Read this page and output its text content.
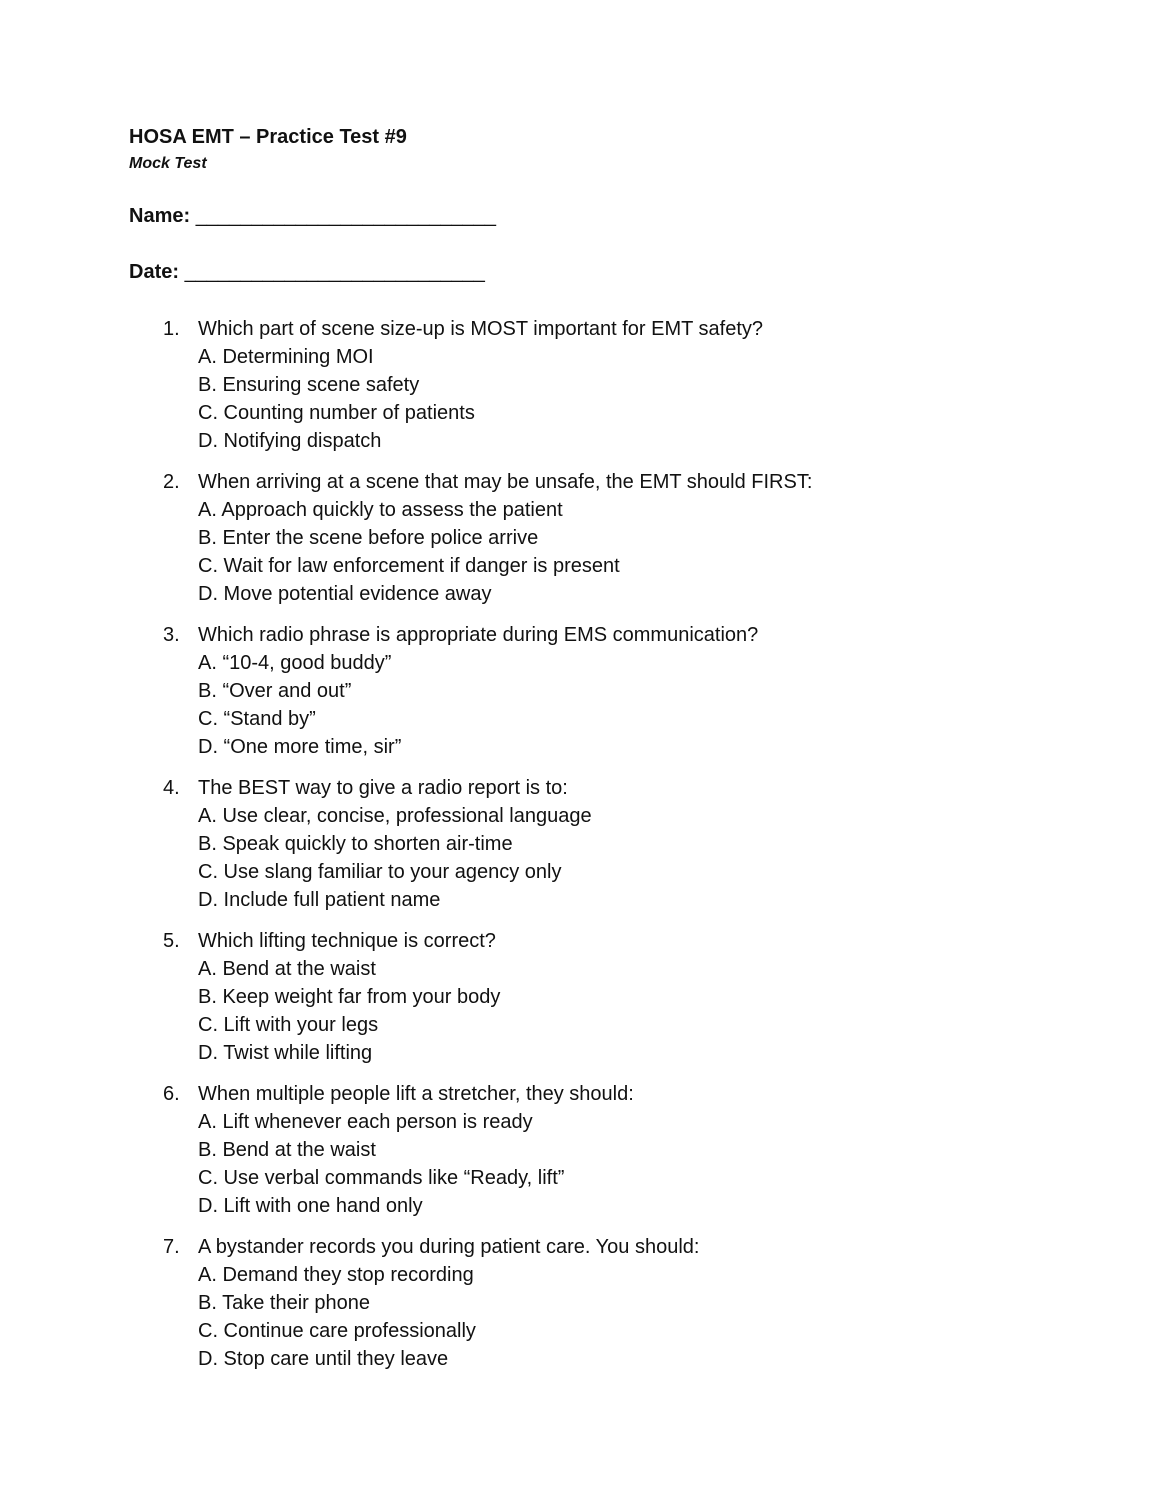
HOSA EMT – Practice Test #9
Mock Test
Name: ___________________________
Date: ___________________________
1. Which part of scene size-up is MOST important for EMT safety?
A. Determining MOI
B. Ensuring scene safety
C. Counting number of patients
D. Notifying dispatch
2. When arriving at a scene that may be unsafe, the EMT should FIRST:
A. Approach quickly to assess the patient
B. Enter the scene before police arrive
C. Wait for law enforcement if danger is present
D. Move potential evidence away
3. Which radio phrase is appropriate during EMS communication?
A. “10-4, good buddy”
B. “Over and out”
C. “Stand by”
D. “One more time, sir”
4. The BEST way to give a radio report is to:
A. Use clear, concise, professional language
B. Speak quickly to shorten air-time
C. Use slang familiar to your agency only
D. Include full patient name
5. Which lifting technique is correct?
A. Bend at the waist
B. Keep weight far from your body
C. Lift with your legs
D. Twist while lifting
6. When multiple people lift a stretcher, they should:
A. Lift whenever each person is ready
B. Bend at the waist
C. Use verbal commands like “Ready, lift”
D. Lift with one hand only
7. A bystander records you during patient care. You should:
A. Demand they stop recording
B. Take their phone
C. Continue care professionally
D. Stop care until they leave
